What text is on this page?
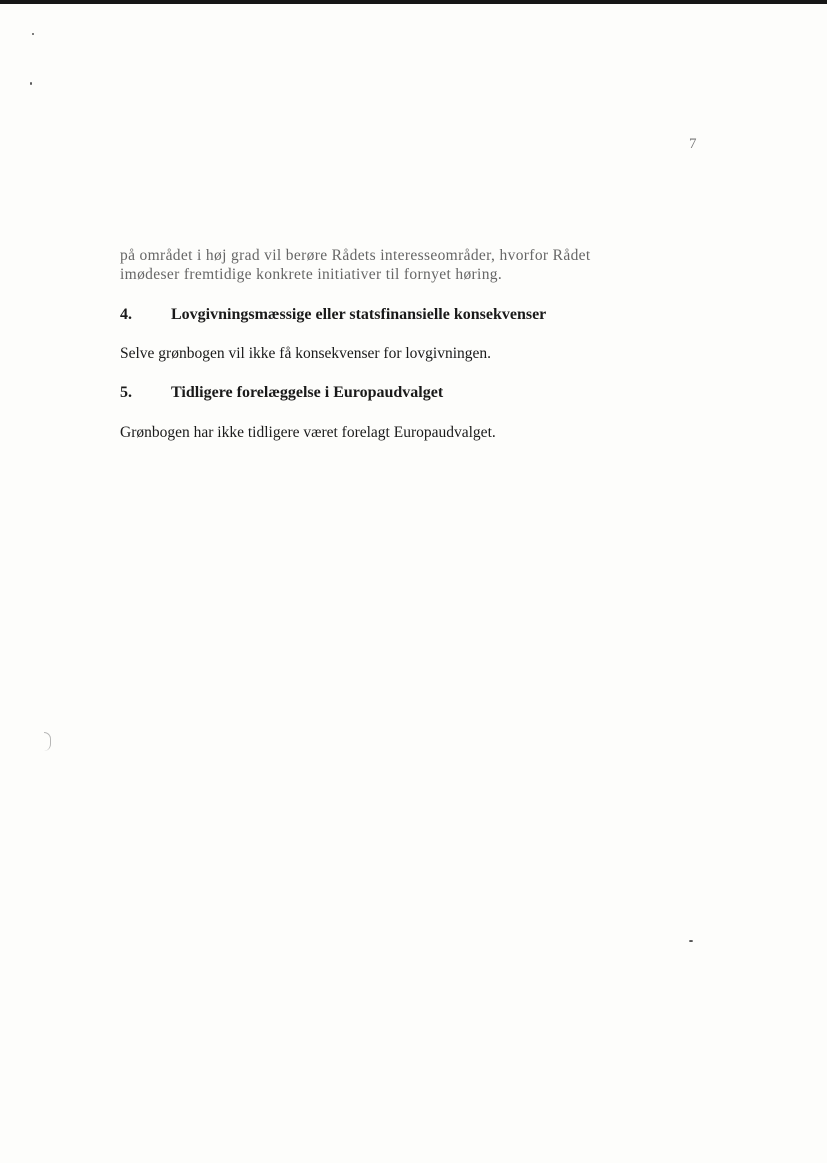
7

på området i høj grad vil berøre Rådets interesseområder, hvorfor Rådet

imødeser fremtidige konkrete initiativer til fornyet høring.

4. Lovgivningsmæssige eller statsfinansielle konsekvenser

Selve grønbogen vil ikke få konsekvenser for lovgivningen.

5. Tidligere forelæggelse i Europaudvalget

Grønbogen har ikke tidligere været forelagt Europaudvalget.
